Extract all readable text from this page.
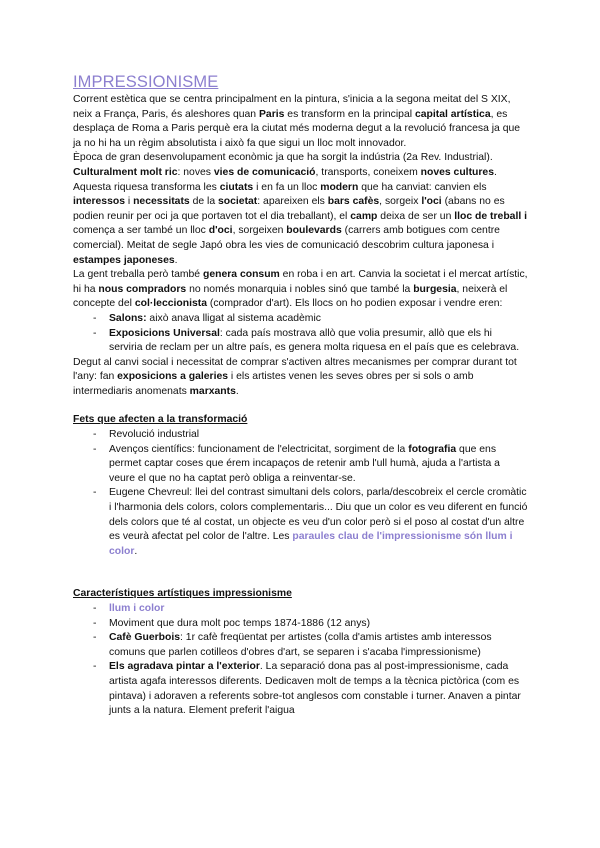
IMPRESSIONISME

Corrent estètica que se centra principalment en la pintura, s'inicia a la segona meitat del S XIX, neix a França, Paris, és aleshores quan Paris es transform en la principal capital artística, es desplaça de Roma a Paris perquè era la ciutat més moderna degut a la revolució francesa ja que ja no hi ha un règim absolutista i això fa que sigui un lloc molt innovador.

Època de gran desenvolupament econòmic ja que ha sorgit la indústria (2a Rev. Industrial). Culturalment molt ric: noves vies de comunicació, transports, coneixem noves cultures. Aquesta riquesa transforma les ciutats i en fa un lloc modern que ha canviat: canvien els interessos i necessitats de la societat: apareixen els bars cafès, sorgeix l'oci (abans no es podien reunir per oci ja que portaven tot el dia treballant), el camp deixa de ser un lloc de treball i comença a ser també un lloc d'oci, sorgeixen boulevards (carrers amb botigues com centre comercial). Meitat de segle Japó obra les vies de comunicació descobrim cultura japonesa i estampes japoneses.

La gent treballa però també genera consum en roba i en art. Canvia la societat i el mercat artístic, hi ha nous compradors no només monarquia i nobles sinó que també la burgesia, neixerà el concepte del col·leccionista (comprador d'art). Els llocs on ho podien exposar i vendre eren:

- Salons: això anava lligat al sistema acadèmic
- Exposicions Universal: cada país mostrava allò que volia presumir, allò que els hi serviria de reclam per un altre país, es genera molta riquesa en el país que es celebrava.

Degut al canvi social i necessitat de comprar s'activen altres mecanismes per comprar durant tot l'any: fan exposicions a galeries i els artistes venen les seves obres per si sols o amb intermediaris anomenats marxants.

Fets que afecten a la transformació

- Revolució industrial
- Avenços científics: funcionament de l'electricitat, sorgiment de la fotografia que ens permet captar coses que érem incapaços de retenir amb l'ull humà, ajuda a l'artista a veure el que no ha captat però obliga a reinventar-se.
- Eugene Chevreul: llei del contrast simultani dels colors, parla/descobreix el cercle cromàtic i l'harmonia dels colors, colors complementaris... Diu que un color es veu diferent en funció dels colors que té al costat, un objecte es veu d'un color però si el poso al costat d'un altre es veurà afectat pel color de l'altre. Les paraules clau de l'impressionisme són llum i color.

Característiques artístiques impressionisme

- llum i color
- Moviment que dura molt poc temps 1874-1886 (12 anys)
- Cafè Guerbois: 1r cafè freqüentat per artistes (colla d'amis artistes amb interessos comuns que parlen cotilleos d'obres d'art, se separen i s'acaba l'impressionisme)
- Els agradava pintar a l'exterior. La separació dona pas al post-impressionisme, cada artista agafa interessos diferents. Dedicaven molt de temps a la tècnica pictòrica (com es pintava) i adoraven a referents sobre-tot anglesos com constable i turner. Anaven a pintar junts a la natura. Element preferit l'aigua
